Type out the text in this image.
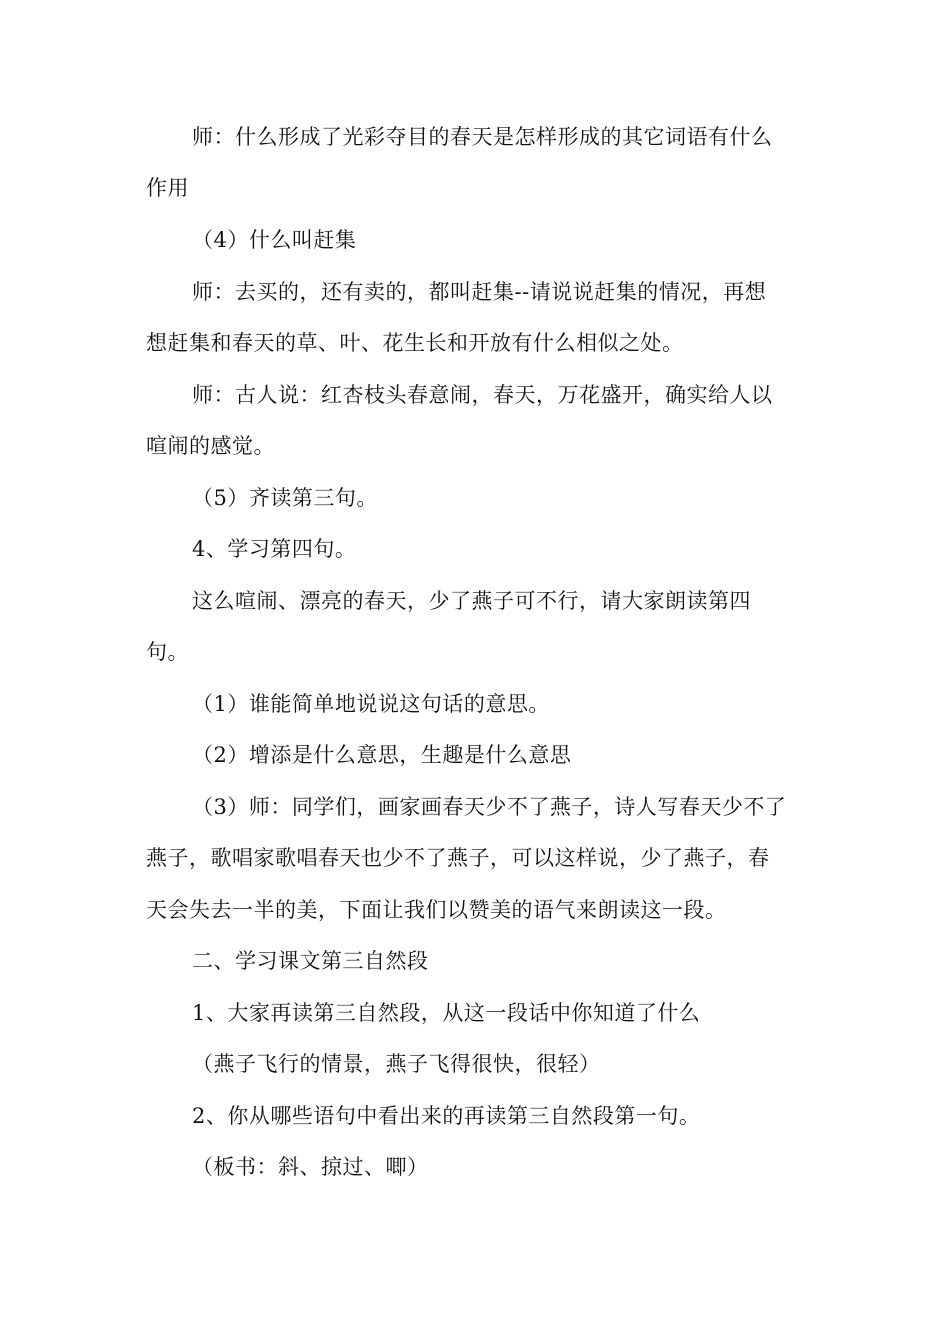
师：什么形成了光彩夺目的春天是怎样形成的其它词语有什么
作用
（4）什么叫赶集
师：去买的，还有卖的，都叫赶集--请说说赶集的情况，再想
想赶集和春天的草、叶、花生长和开放有什么相似之处。
师：古人说：红杏枝头春意闹，春天，万花盛开，确实给人以
喧闹的感觉。
（5）齐读第三句。
4、学习第四句。
这么喧闹、漂亮的春天，少了燕子可不行，请大家朗读第四
句。
（1）谁能简单地说说这句话的意思。
（2）增添是什么意思，生趣是什么意思
（3）师：同学们，画家画春天少不了燕子，诗人写春天少不了
燕子，歌唱家歌唱春天也少不了燕子，可以这样说，少了燕子，春
天会失去一半的美，下面让我们以赞美的语气来朗读这一段。
二、学习课文第三自然段
1、大家再读第三自然段，从这一段话中你知道了什么
（燕子飞行的情景，燕子飞得很快，很轻）
2、你从哪些语句中看出来的再读第三自然段第一句。
（板书：斜、掠过、唧）
